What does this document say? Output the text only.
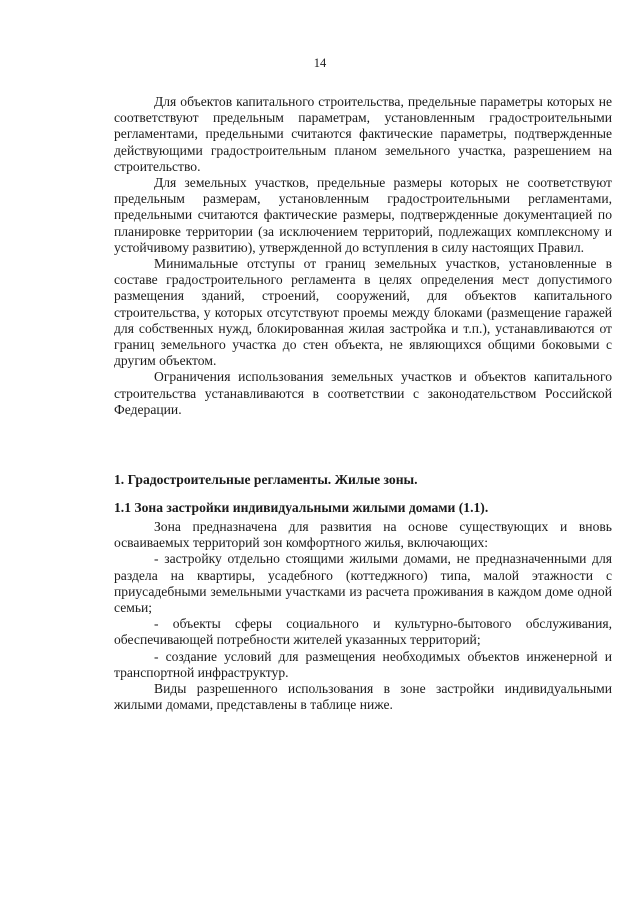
14

Для объектов капитального строительства, предельные параметры которых не соответствуют предельным параметрам, установленным градостроительными регламентами, предельными считаются фактические параметры, подтвержденные действующими градостроительным планом земельного участка, разрешением на строительство.

Для земельных участков, предельные размеры которых не соответствуют предельным размерам, установленным градостроительными регламентами, предельными считаются фактические размеры, подтвержденные документацией по планировке территории (за исключением территорий, подлежащих комплексному и устойчивому развитию), утвержденной до вступления в силу настоящих Правил.

Минимальные отступы от границ земельных участков, установленные в составе градостроительного регламента в целях определения мест допустимого размещения зданий, строений, сооружений, для объектов капитального строительства, у которых отсутствуют проемы между блоками (размещение гаражей для собственных нужд, блокированная жилая застройка и т.п.), устанавливаются от границ земельного участка до стен объекта, не являющихся общими боковыми с другим объектом.

Ограничения использования земельных участков и объектов капитального строительства устанавливаются в соответствии с законодательством Российской Федерации.

1. Градостроительные регламенты. Жилые зоны.
1.1 Зона застройки индивидуальными жилыми домами (1.1).

Зона предназначена для развития на основе существующих и вновь осваиваемых территорий зон комфортного жилья, включающих:

- застройку отдельно стоящими жилыми домами, не предназначенными для раздела на квартиры, усадебного (коттеджного) типа, малой этажности с приусадебными земельными участками из расчета проживания в каждом доме одной семьи;

- объекты сферы социального и культурно-бытового обслуживания, обеспечивающей потребности жителей указанных территорий;

- создание условий для размещения необходимых объектов инженерной и транспортной инфраструктур.

Виды разрешенного использования в зоне застройки индивидуальными жилыми домами, представлены в таблице ниже.
